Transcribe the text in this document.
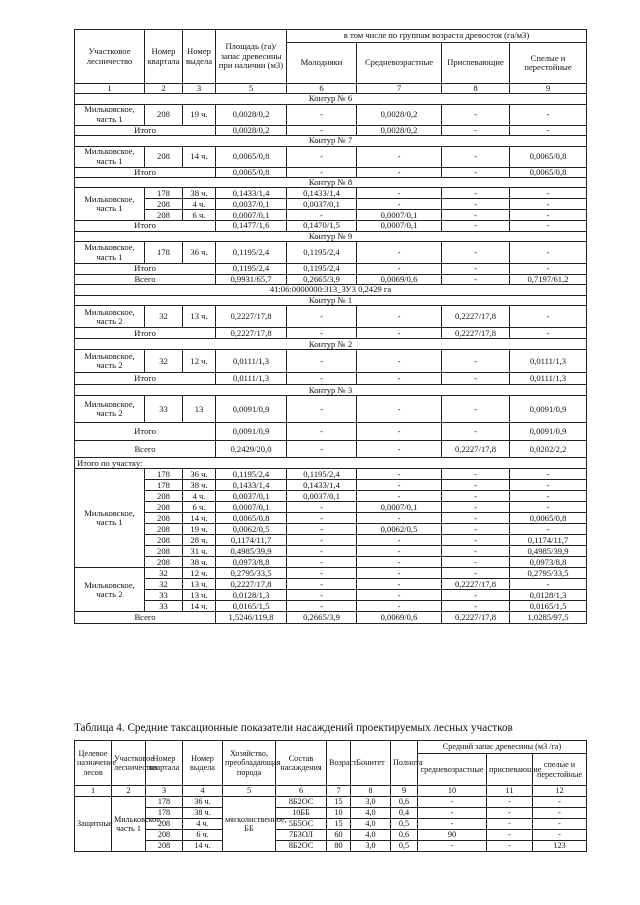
Участковое лесничество	Номер квартала	Номер выдела	Площадь (га)/запас древесины при наличии (м3)	в том числе по группам возраста древостоя (га/м3)			
				Молодняки	Средневозрастные	Приспевающие	Спелые и перестойные
1	2	3	5	6	7	8	9
Контур № 6							
Мильковское, часть 1	208	19 ч.	0,0028/0,2	-	0,0028/0,2	-	-
Итого			0,0028/0,2	-	0,0028/0,2	-	-
Контур № 7							
Мильковское, часть 1	208	14 ч.	0,0065/0,8	-	-	-	0,0065/0,8
Итого			0,0065/0,8	-	-	-	0,0065/0,8
Контур № 8							
Мильковское, часть 1	178	38 ч.	0,1433/1,4	0,1433/1,4	-	-	-
	208	4 ч.	0,0037/0,1	0,0037/0,1	-	-	-
	208	6 ч.	0,0007/0,1	-	0,0007/0,1	-	-
Итого			0,1477/1,6	0,1470/1,5	0,0007/0,1	-	-
Контур № 9							
Мильковское, часть 1	178	36 ч.	0,1195/2,4	0,1195/2,4	-	-	-
Итого			0,1195/2,4	0,1195/2,4	-	-	-
Всего			0,9931/65,7	0,2665/3,9	0,0069/0,6	-	0,7197/61,2
41:06:0000000:313_ЗУ3 0,2429 га							
Контур № 1							
Мильковское, часть 2	32	13 ч.	0,2227/17,8	-	-	0,2227/17,8	-
Итого			0,2227/17,8	-	-	0,2227/17,8	-
Контур № 2							
Мильковское, часть 2	32	12 ч.	0,0111/1,3	-	-	-	0,0111/1,3
Итого			0,0111/1,3	-	-	-	0,0111/1,3
Контур № 3							
Мильковское, часть 2	33	13	0,0091/0,9	-	-	-	0,0091/0,9
Итого			0,0091/0,9	-	-	-	0,0091/0,9
Всего			0,2429/20,0	-	-	0,2227/17,8	0,0202/2,2
Итого по участку:							
Мильковское, часть 1	178	36 ч.	0,1195/2,4	0,1195/2,4	-	-	-
	178	38 ч.	0,1433/1,4	0,1433/1,4	-	-	-
	208	4 ч.	0,0037/0,1	0,0037/0,1	-	-	-
	208	6 ч.	0,0007/0,1	-	0,0007/0,1	-	-
	208	14 ч.	0,0065/0,8	-	-	-	0,0065/0,8
	208	19 ч.	0,0062/0,5	-	0,0062/0,5	-	-
	208	28 ч.	0,1174/11,7	-	-	-	0,1174/11,7
	208	31 ч.	0,4985/39,9	-	-	-	0,4985/39,9
	208	38 ч.	0,0973/8,8	-	-	-	0,0973/8,8
Мильковское, часть 2	32	12 ч.	0,2795/33,5	-	-	-	0,2795/33,5
	32	13 ч.	0,2227/17,8	-	-	0,2227/17,8	-
	33	13 ч.	0,0128/1,3	-	-	-	0,0128/1,3
	33	14 ч.	0,0165/1,5	-	-	-	0,0165/1,5
Всего			1,5246/119,8	0,2665/3,9	0,0069/0,6	0,2227/17,8	1,0285/97,5
Таблица 4. Средние таксационные показатели насаждений проектируемых лесных участков
Целевое назначение лесов	Участковое лесничество	Номер квартала	Номер выдела	Хозяйство, преобладающая порода	Состав насаждения	Возраст	Бонитет	Полнота	Средний запас древесины (м3 /га)		
									средневозрастные	приспевающие	спелые и перестойные
1	2	3	4	5	6	7	8	9	10	11	12
Защитные	Мильковское, часть 1	178	36 ч.	мягколиственное, ББ	8Б2ОС	15	3,0	0,6	-	-	-
		178	38 ч.		10ББ	10	4,0	0,4	-	-	-
		208	4 ч.		5Б5ОС	15	4,0	0,5	-	-	-
		208	6 ч.		7Б3ОЛ	60	4,0	0,6	90	-	-
		208	14 ч.		8Б2ОС	80	3,0	0,5	-	-	123
